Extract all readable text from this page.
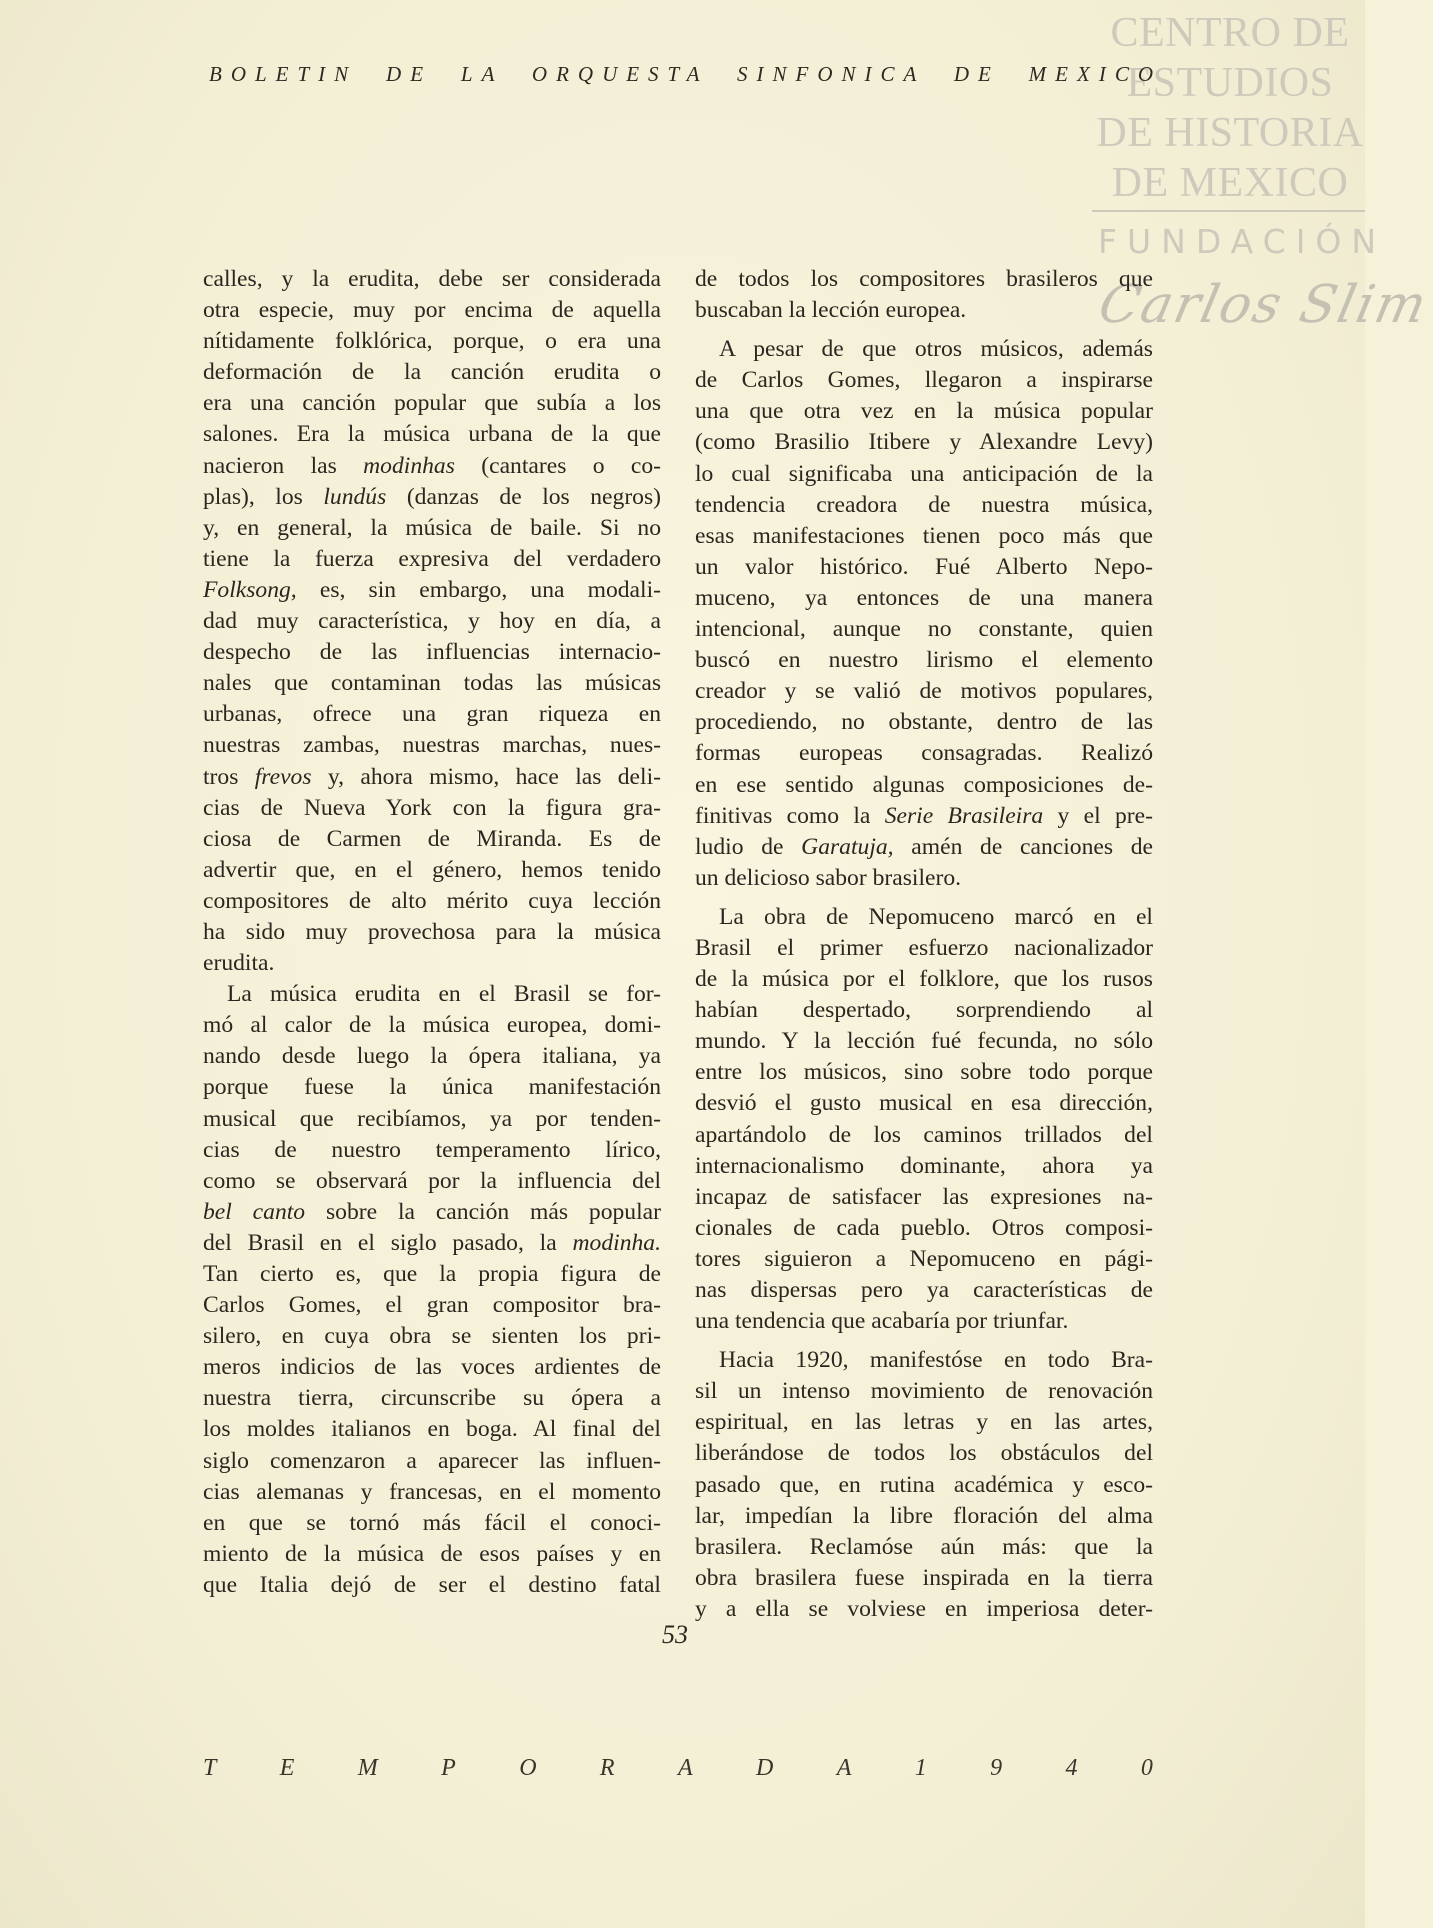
CENTRO DE
ESTUDIOS
DE HISTORIA
DE MEXICO
FUNDACIÓN
Carlos Slim
BOLETIN DE LA ORQUESTA SINFONICA DE MEXICO
calles, y la erudita, debe ser considerada
otra especie, muy por encima de aquella
nítidamente folklórica, porque, o era una
deformación de la canción erudita o
era una canción popular que subía a los
salones. Era la música urbana de la que
nacieron las modinhas (cantares o co-
plas), los lundús (danzas de los negros)
y, en general, la música de baile. Si no
tiene la fuerza expresiva del verdadero
Folksong, es, sin embargo, una modali-
dad muy característica, y hoy en día, a
despecho de las influencias internacio-
nales que contaminan todas las músicas
urbanas, ofrece una gran riqueza en
nuestras zambas, nuestras marchas, nues-
tros frevos y, ahora mismo, hace las deli-
cias de Nueva York con la figura gra-
ciosa de Carmen de Miranda. Es de
advertir que, en el género, hemos tenido
compositores de alto mérito cuya lección
ha sido muy provechosa para la música
erudita.
La música erudita en el Brasil se for-
mó al calor de la música europea, domi-
nando desde luego la ópera italiana, ya
porque fuese la única manifestación
musical que recibíamos, ya por tenden-
cias de nuestro temperamento lírico,
como se observará por la influencia del
bel canto sobre la canción más popular
del Brasil en el siglo pasado, la modinha.
Tan cierto es, que la propia figura de
Carlos Gomes, el gran compositor bra-
silero, en cuya obra se sienten los pri-
meros indicios de las voces ardientes de
nuestra tierra, circunscribe su ópera a
los moldes italianos en boga. Al final del
siglo comenzaron a aparecer las influen-
cias alemanas y francesas, en el momento
en que se tornó más fácil el conoci-
miento de la música de esos países y en
que Italia dejó de ser el destino fatal
de todos los compositores brasileros que
buscaban la lección europea.
A pesar de que otros músicos, además
de Carlos Gomes, llegaron a inspirarse
una que otra vez en la música popular
(como Brasilio Itibere y Alexandre Levy)
lo cual significaba una anticipación de la
tendencia creadora de nuestra música,
esas manifestaciones tienen poco más que
un valor histórico. Fué Alberto Nepo-
muceno, ya entonces de una manera
intencional, aunque no constante, quien
buscó en nuestro lirismo el elemento
creador y se valió de motivos populares,
procediendo, no obstante, dentro de las
formas europeas consagradas. Realizó
en ese sentido algunas composiciones de-
finitivas como la Serie Brasileira y el pre-
ludio de Garatuja, amén de canciones de
un delicioso sabor brasilero.
La obra de Nepomuceno marcó en el
Brasil el primer esfuerzo nacionalizador
de la música por el folklore, que los rusos
habían despertado, sorprendiendo al
mundo. Y la lección fué fecunda, no sólo
entre los músicos, sino sobre todo porque
desvió el gusto musical en esa dirección,
apartándolo de los caminos trillados del
internacionalismo dominante, ahora ya
incapaz de satisfacer las expresiones na-
cionales de cada pueblo. Otros composi-
tores siguieron a Nepomuceno en pági-
nas dispersas pero ya características de
una tendencia que acabaría por triunfar.
Hacia 1920, manifestóse en todo Bra-
sil un intenso movimiento de renovación
espiritual, en las letras y en las artes,
liberándose de todos los obstáculos del
pasado que, en rutina académica y esco-
lar, impedían la libre floración del alma
brasilera. Reclamóse aún más: que la
obra brasilera fuese inspirada en la tierra
y a ella se volviese en imperiosa deter-
53
T	E	M	P	O	R	A	D	A	1	9	4	0
